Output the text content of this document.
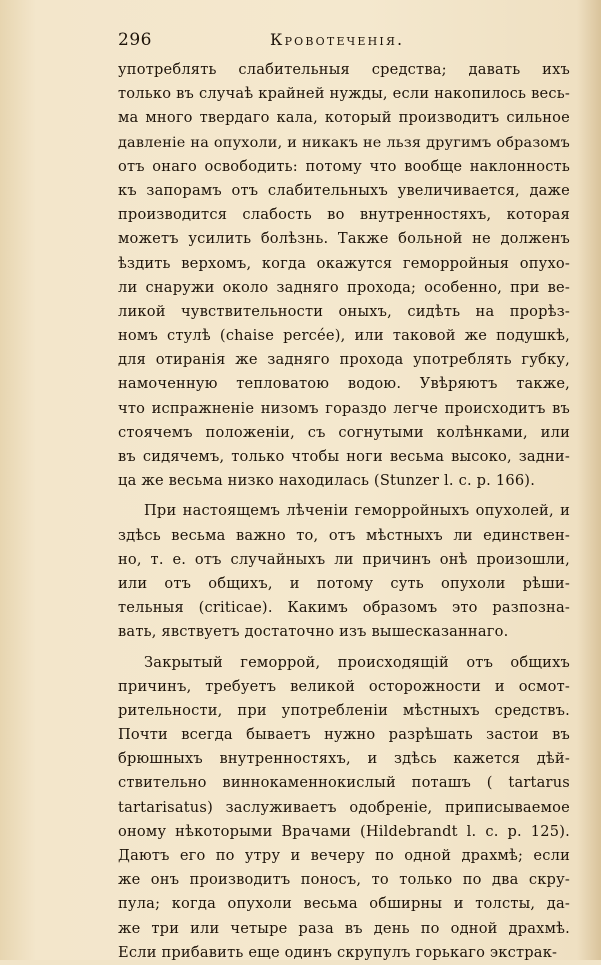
296	Кровотеченія.
употреблять слабительныя средства; давать ихъ
только въ случаѣ крайней нужды, если накопилось весь-
ма много твердаго кала, который производитъ сильное
давленіе на опухоли, и никакъ не льзя другимъ образомъ
отъ онаго освободить: потому что вообще наклонность
къ запорамъ отъ слабительныхъ увеличивается, даже
производится слабость во внутренностяхъ, которая
можетъ усилить болѣзнь. Также больной не долженъ
ѣздить верхомъ, когда окажутся геморройныя опухо-
ли снаружи около задняго прохода; особенно, при ве-
ликой чувствительности оныхъ, сидѣть на прорѣз-
номъ стулѣ (chaise percée), или таковой же подушкѣ,
для отиранія же задняго прохода употреблять губку,
намоченную тепловатою водою. Увѣряютъ также,
что испражненіе низомъ гораздо легче происходитъ въ
стоячемъ положеніи, съ согнутыми колѣнками, или
въ сидячемъ, только чтобы ноги весьма высоко, задни-
ца же весьма низко находилась (Stunzer l. c. p. 166).
При настоящемъ лѣченіи геморройныхъ опухолей, и
здѣсь весьма важно то, отъ мѣстныхъ ли единствен-
но, т. е. отъ случайныхъ ли причинъ онѣ произошли,
или отъ общихъ, и потому суть опухоли рѣши-
тельныя (criticae). Какимъ образомъ это разпозна-
вать, явствуетъ достаточно изъ вышесказаннаго.
Закрытый геморрой, происходящій отъ общихъ
причинъ, требуетъ великой осторожности и осмот-
рительности, при употребленіи мѣстныхъ средствъ.
Почти всегда бываетъ нужно разрѣшать застои въ
брюшныхъ внутренностяхъ, и здѣсь кажется дѣй-
ствительно виннокаменнокислый поташъ ( tartarus
tartarisatus) заслуживаетъ одобреніе, приписываемое
оному нѣкоторыми Врачами (Hildebrandt l. c. p. 125).
Даютъ его по утру и вечеру по одной драхмѣ; если
же онъ производитъ поносъ, то только по два скру-
пула; когда опухоли весьма обширны и толсты, да-
же три или четыре раза въ день по одной драхмѣ.
Если прибавить еще одинъ скрупулъ горькаго экстрак-
